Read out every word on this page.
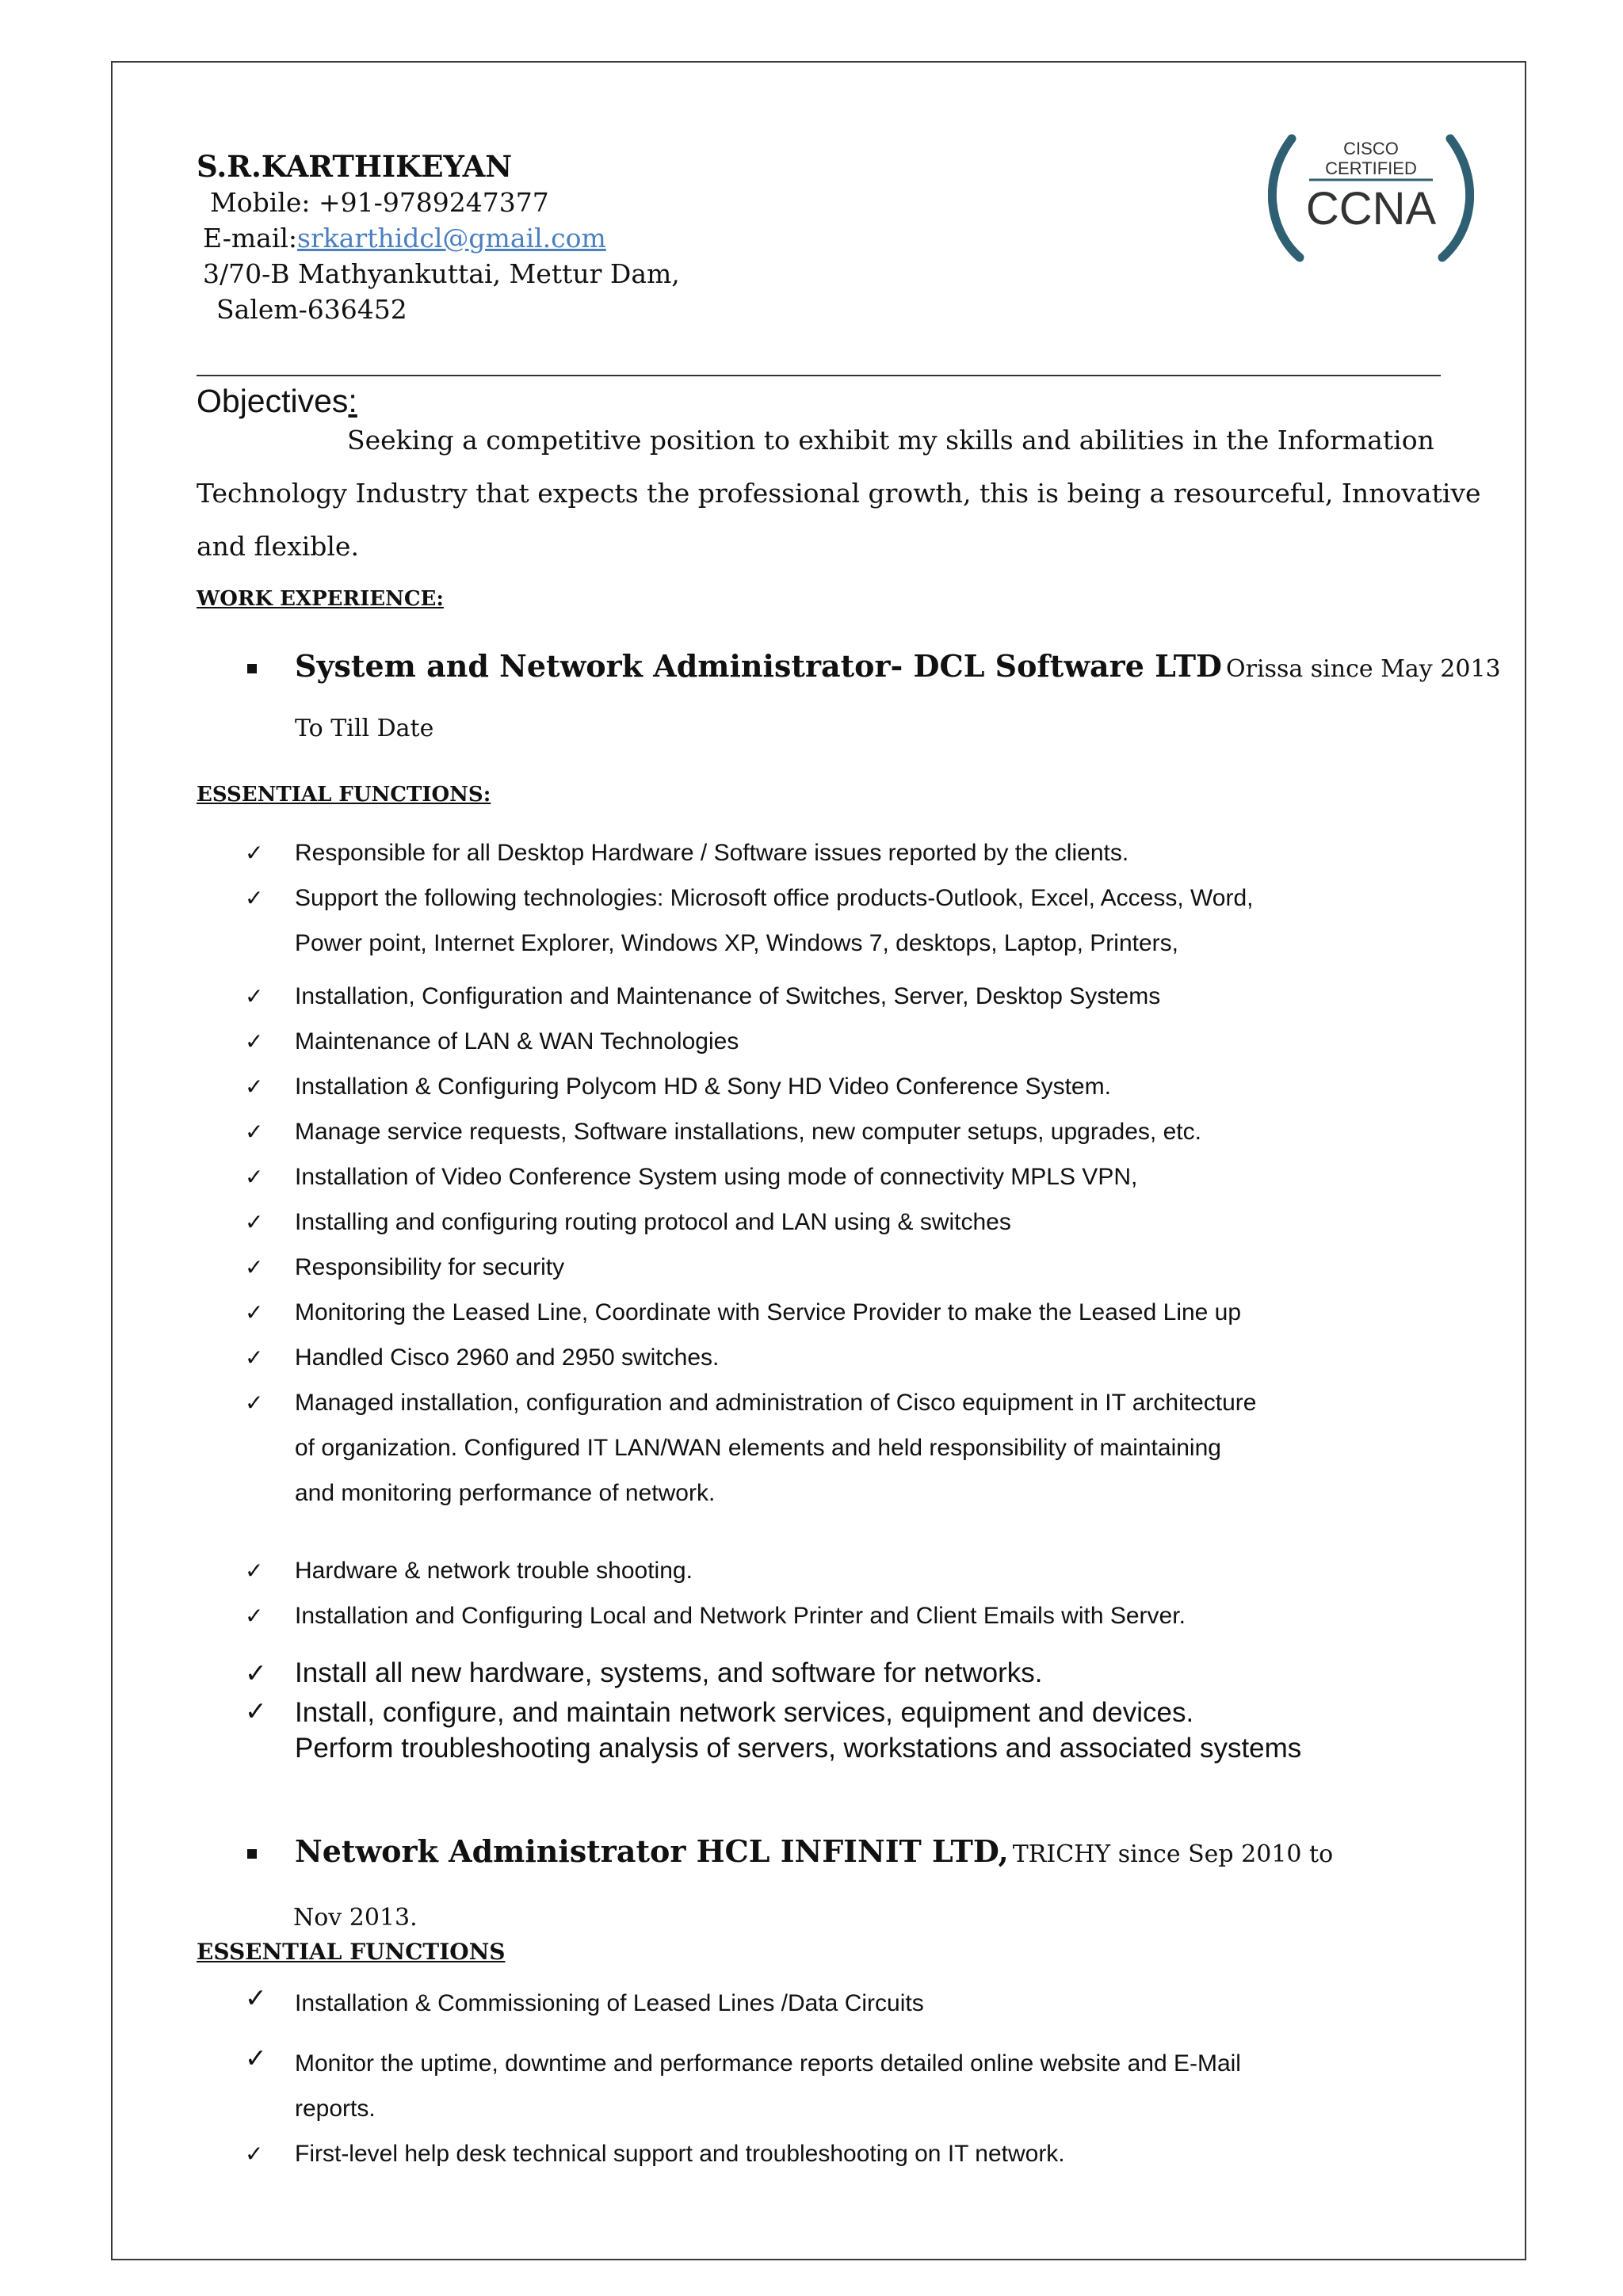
S.R.KARTHIKEYAN
Mobile: +91-9789247377
E-mail:srkarthidcl@gmail.com
3/70-B Mathyankuttai, Mettur Dam,
Salem-636452
CISCO
CERTIFIED
CCNA
Objectives:
Seeking a competitive position to exhibit my skills and abilities in the Information
Technology Industry that expects the professional growth, this is being a resourceful, Innovative
and flexible.
WORK EXPERIENCE:
System and Network Administrator- DCL Software LTD Orissa since May 2013
To Till Date
ESSENTIAL FUNCTIONS:
✓ Responsible for all Desktop Hardware / Software issues reported by the clients.
✓ Support the following technologies: Microsoft office products-Outlook, Excel, Access, Word,
Power point, Internet Explorer, Windows XP, Windows 7, desktops, Laptop, Printers,
✓ Installation, Configuration and Maintenance of Switches, Server, Desktop Systems
✓ Maintenance of LAN & WAN Technologies
✓ Installation & Configuring Polycom HD & Sony HD Video Conference System.
✓ Manage service requests, Software installations, new computer setups, upgrades, etc.
✓ Installation of Video Conference System using mode of connectivity MPLS VPN,
✓ Installing and configuring routing protocol and LAN using & switches
✓ Responsibility for security
✓ Monitoring the Leased Line, Coordinate with Service Provider to make the Leased Line up
✓ Handled Cisco 2960 and 2950 switches.
✓ Managed installation, configuration and administration of Cisco equipment in IT architecture
of organization. Configured IT LAN/WAN elements and held responsibility of maintaining
and monitoring performance of network.
✓ Hardware & network trouble shooting.
✓ Installation and Configuring Local and Network Printer and Client Emails with Server.
✓ Install all new hardware, systems, and software for networks.
✓ Install, configure, and maintain network services, equipment and devices.
Perform troubleshooting analysis of servers, workstations and associated systems
Network Administrator HCL INFINIT LTD, TRICHY since Sep 2010 to
Nov 2013.
ESSENTIAL FUNCTIONS
✓ Installation & Commissioning of Leased Lines /Data Circuits
✓ Monitor the uptime, downtime and performance reports detailed online website and E-Mail
reports.
✓ First-level help desk technical support and troubleshooting on IT network.
